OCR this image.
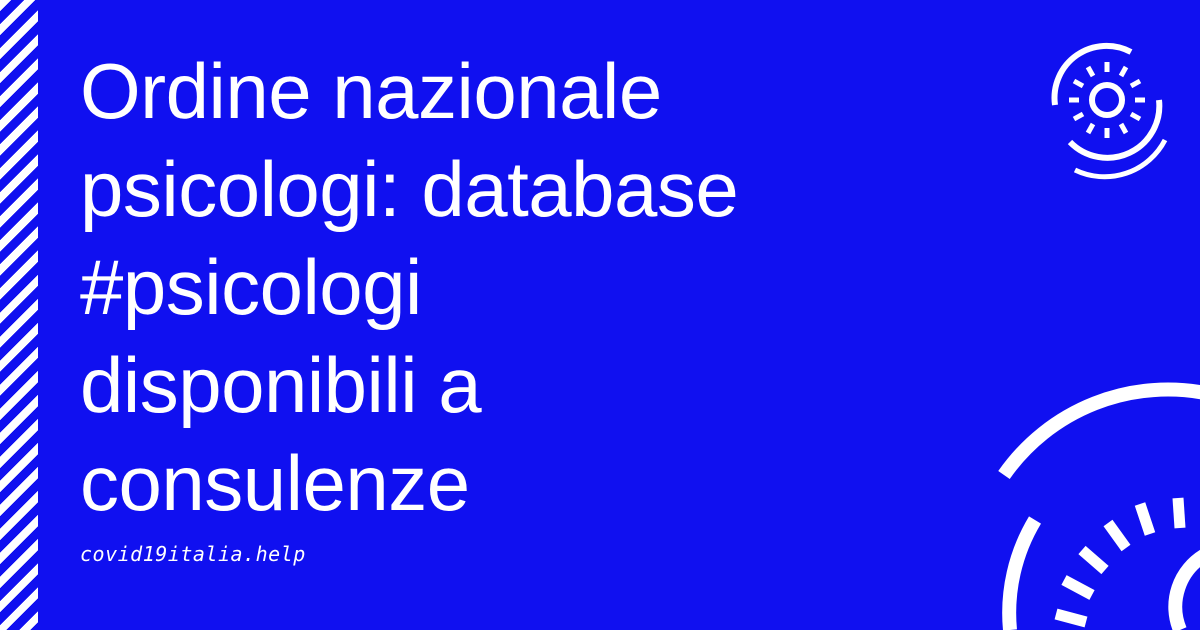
Ordine nazionale
psicologi: database
#psicologi
disponibili a
consulenze
covid19italia.help
